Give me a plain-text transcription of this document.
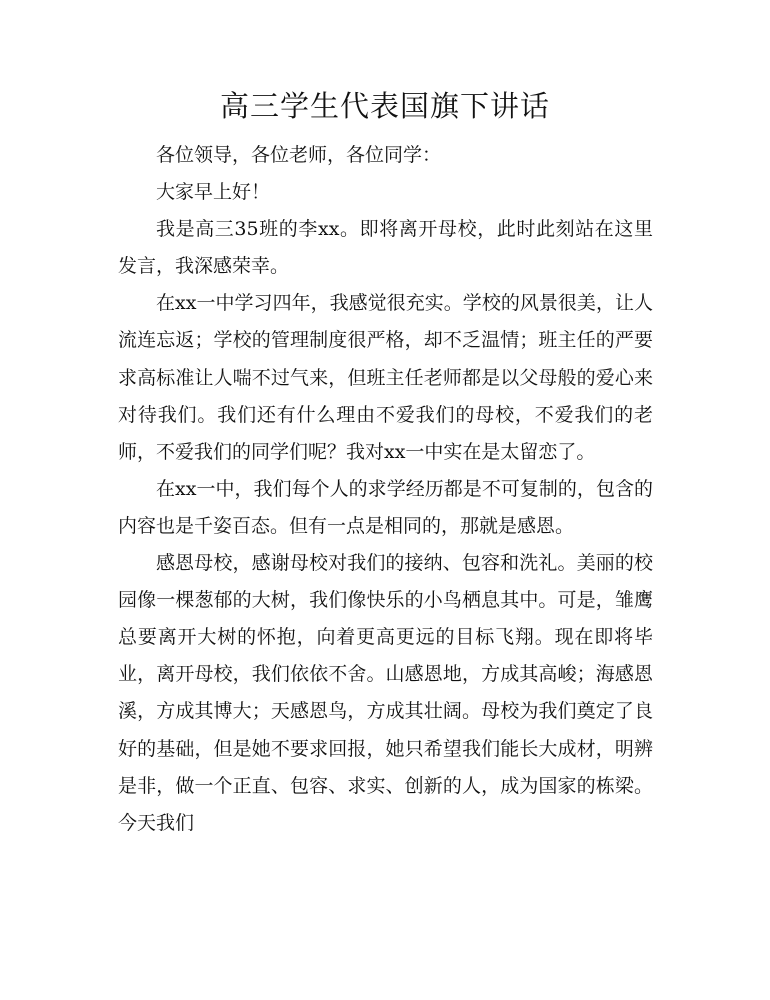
高三学生代表国旗下讲话

各位领导，各位老师，各位同学：

大家早上好！

我是高三35班的李xx。即将离开母校，此时此刻站在这里发言，我深感荣幸。

在xx一中学习四年，我感觉很充实。学校的风景很美，让人流连忘返；学校的管理制度很严格，却不乏温情；班主任的严要求高标准让人喘不过气来，但班主任老师都是以父母般的爱心来对待我们。我们还有什么理由不爱我们的母校，不爱我们的老师，不爱我们的同学们呢？我对xx一中实在是太留恋了。

在xx一中，我们每个人的求学经历都是不可复制的，包含的内容也是千姿百态。但有一点是相同的，那就是感恩。

感恩母校，感谢母校对我们的接纳、包容和洗礼。美丽的校园像一棵葱郁的大树，我们像快乐的小鸟栖息其中。可是，雏鹰总要离开大树的怀抱，向着更高更远的目标飞翔。现在即将毕业，离开母校，我们依依不舍。山感恩地，方成其高峻；海感恩溪，方成其博大；天感恩鸟，方成其壮阔。母校为我们奠定了良好的基础，但是她不要求回报，她只希望我们能长大成材，明辨是非，做一个正直、包容、求实、创新的人，成为国家的栋梁。今天我们
